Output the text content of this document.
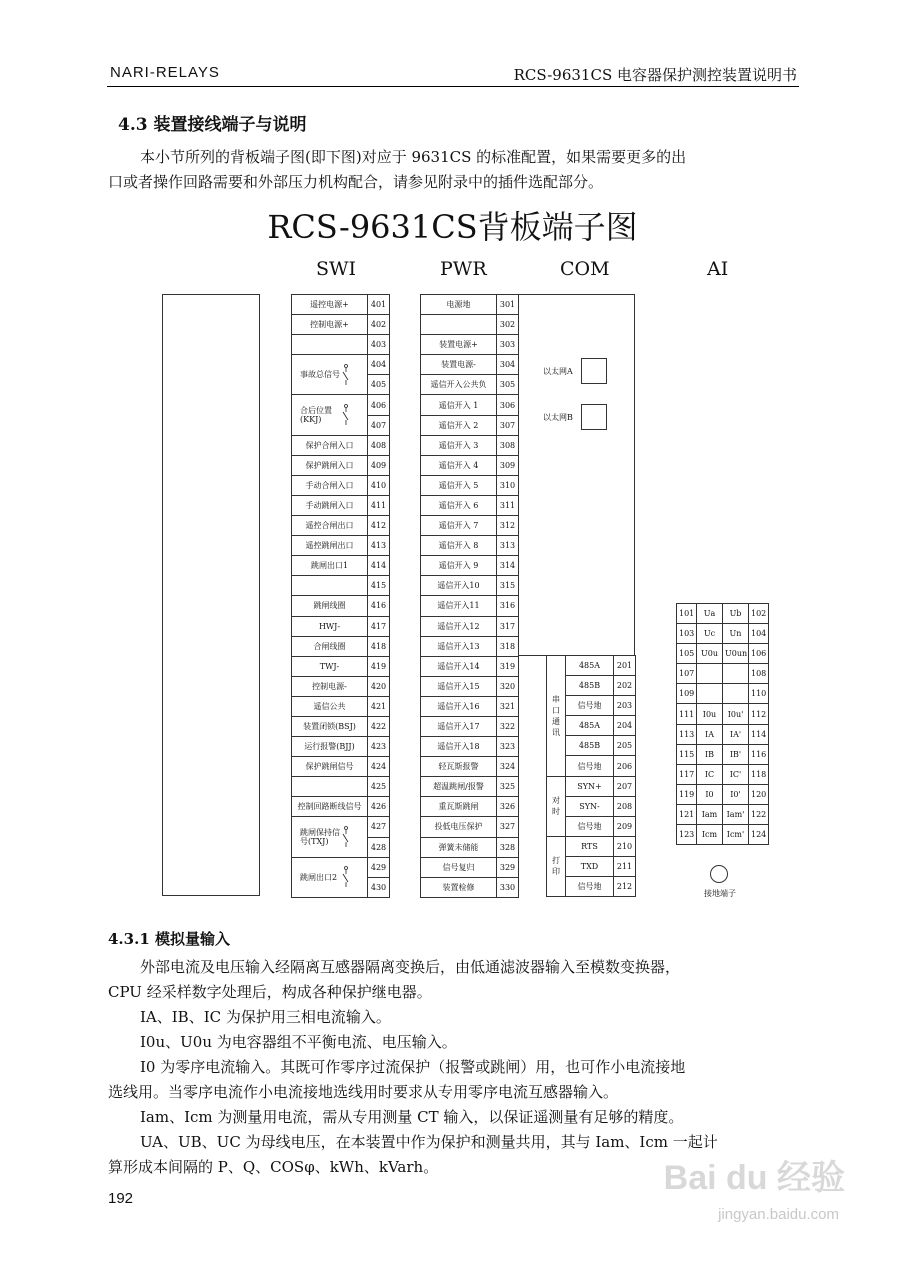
NARI-RELAYS	RCS-9631CS 电容器保护测控装置说明书
4.3 装置接线端子与说明
本小节所列的背板端子图(即下图)对应于 9631CS 的标准配置，如果需要更多的出
口或者操作回路需要和外部压力机构配合，请参见附录中的插件选配部分。
RCS-9631CS背板端子图
SWI	PWR	COM	AI
遥控电源+	401
控制电源+	402
	403
事故总信号	404
	405
合后位置(KKJ)	406
	407
保护合闸入口	408
保护跳闸入口	409
手动合闸入口	410
手动跳闸入口	411
遥控合闸出口	412
遥控跳闸出口	413
跳闸出口1	414
	415
跳闸线圈	416
HWJ-	417
合闸线圈	418
TWJ-	419
控制电源-	420
遥信公共	421
装置闭锁(BSJ)	422
运行报警(BJJ)	423
保护跳闸信号	424
	425
控制回路断线信号	426
跳闸保持信号(TXJ)	427
	428
跳闸出口2	429
	430
电源地	301
	302
装置电源+	303
装置电源-	304
遥信开入公共负	305
遥信开入 1	306
遥信开入 2	307
遥信开入 3	308
遥信开入 4	309
遥信开入 5	310
遥信开入 6	311
遥信开入 7	312
遥信开入 8	313
遥信开入 9	314
遥信开入10	315
遥信开入11	316
遥信开入12	317
遥信开入13	318
遥信开入14	319
遥信开入15	320
遥信开入16	321
遥信开入17	322
遥信开入18	323
轻瓦斯报警	324
超温跳闸/报警	325
重瓦斯跳闸	326
投低电压保护	327
弹簧未储能	328
信号复归	329
装置检修	330
以太网A
以太网B
串口通讯	485A	201
	485B	202
	信号地	203
	485A	204
	485B	205
	信号地	206
对时	SYN+	207
	SYN-	208
	信号地	209
打印	RTS	210
	TXD	211
	信号地	212
101	Ua	Ub	102
103	Uc	Un	104
105	U0u	U0un	106
107			108
109			110
111	I0u	I0u'	112
113	IA	IA'	114
115	IB	IB'	116
117	IC	IC'	118
119	I0	I0'	120
121	Iam	Iam'	122
123	Icm	Icm'	124
接地端子
4.3.1 模拟量输入
外部电流及电压输入经隔离互感器隔离变换后，由低通滤波器输入至模数变换器，
CPU 经采样数字处理后，构成各种保护继电器。
IA、IB、IC 为保护用三相电流输入。
I0u、U0u 为电容器组不平衡电流、电压输入。
I0 为零序电流输入。其既可作零序过流保护（报警或跳闸）用，也可作小电流接地
选线用。当零序电流作小电流接地选线用时要求从专用零序电流互感器输入。
Iam、Icm 为测量用电流，需从专用测量 CT 输入，以保证遥测量有足够的精度。
UA、UB、UC 为母线电压，在本装置中作为保护和测量共用，其与 Iam、Icm 一起计
算形成本间隔的 P、Q、COSφ、kWh、kVarh。
192
Bai du 经验
jingyan.baidu.com
